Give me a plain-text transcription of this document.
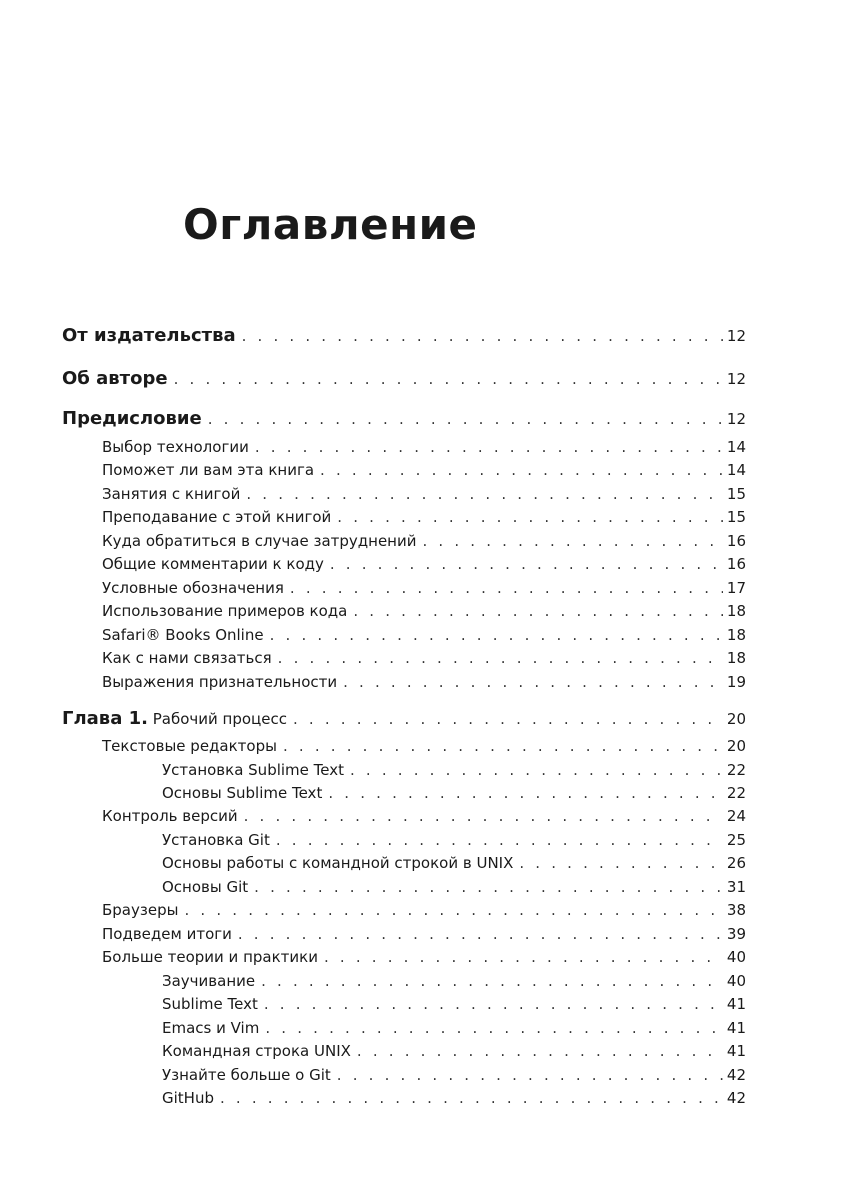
Оглавление
От издательства . . .	12
Об авторе . . .	12
Предисловие . . .	12
Выбор технологии . . .	14
Поможет ли вам эта книга . . .	14
Занятия с книгой . . .	15
Преподавание с этой книгой . . .	15
Куда обратиться в случае затруднений . . .	16
Общие комментарии к коду . . .	16
Условные обозначения . . .	17
Использование примеров кода . . .	18
Safari® Books Online . . .	18
Как с нами связаться . . .	18
Выражения признательности . . .	19
Глава 1. Рабочий процесс . . .	20
Текстовые редакторы . . .	20
Установка Sublime Text . . .	22
Основы Sublime Text . . .	22
Контроль версий . . .	24
Установка Git . . .	25
Основы работы с командной строкой в UNIX . . .	26
Основы Git . . .	31
Браузеры . . .	38
Подведем итоги . . .	39
Больше теории и практики . . .	40
Заучивание . . .	40
Sublime Text . . .	41
Emacs и Vim . . .	41
Командная строка UNIX . . .	41
Узнайте больше о Git . . .	42
GitHub . . .	42
